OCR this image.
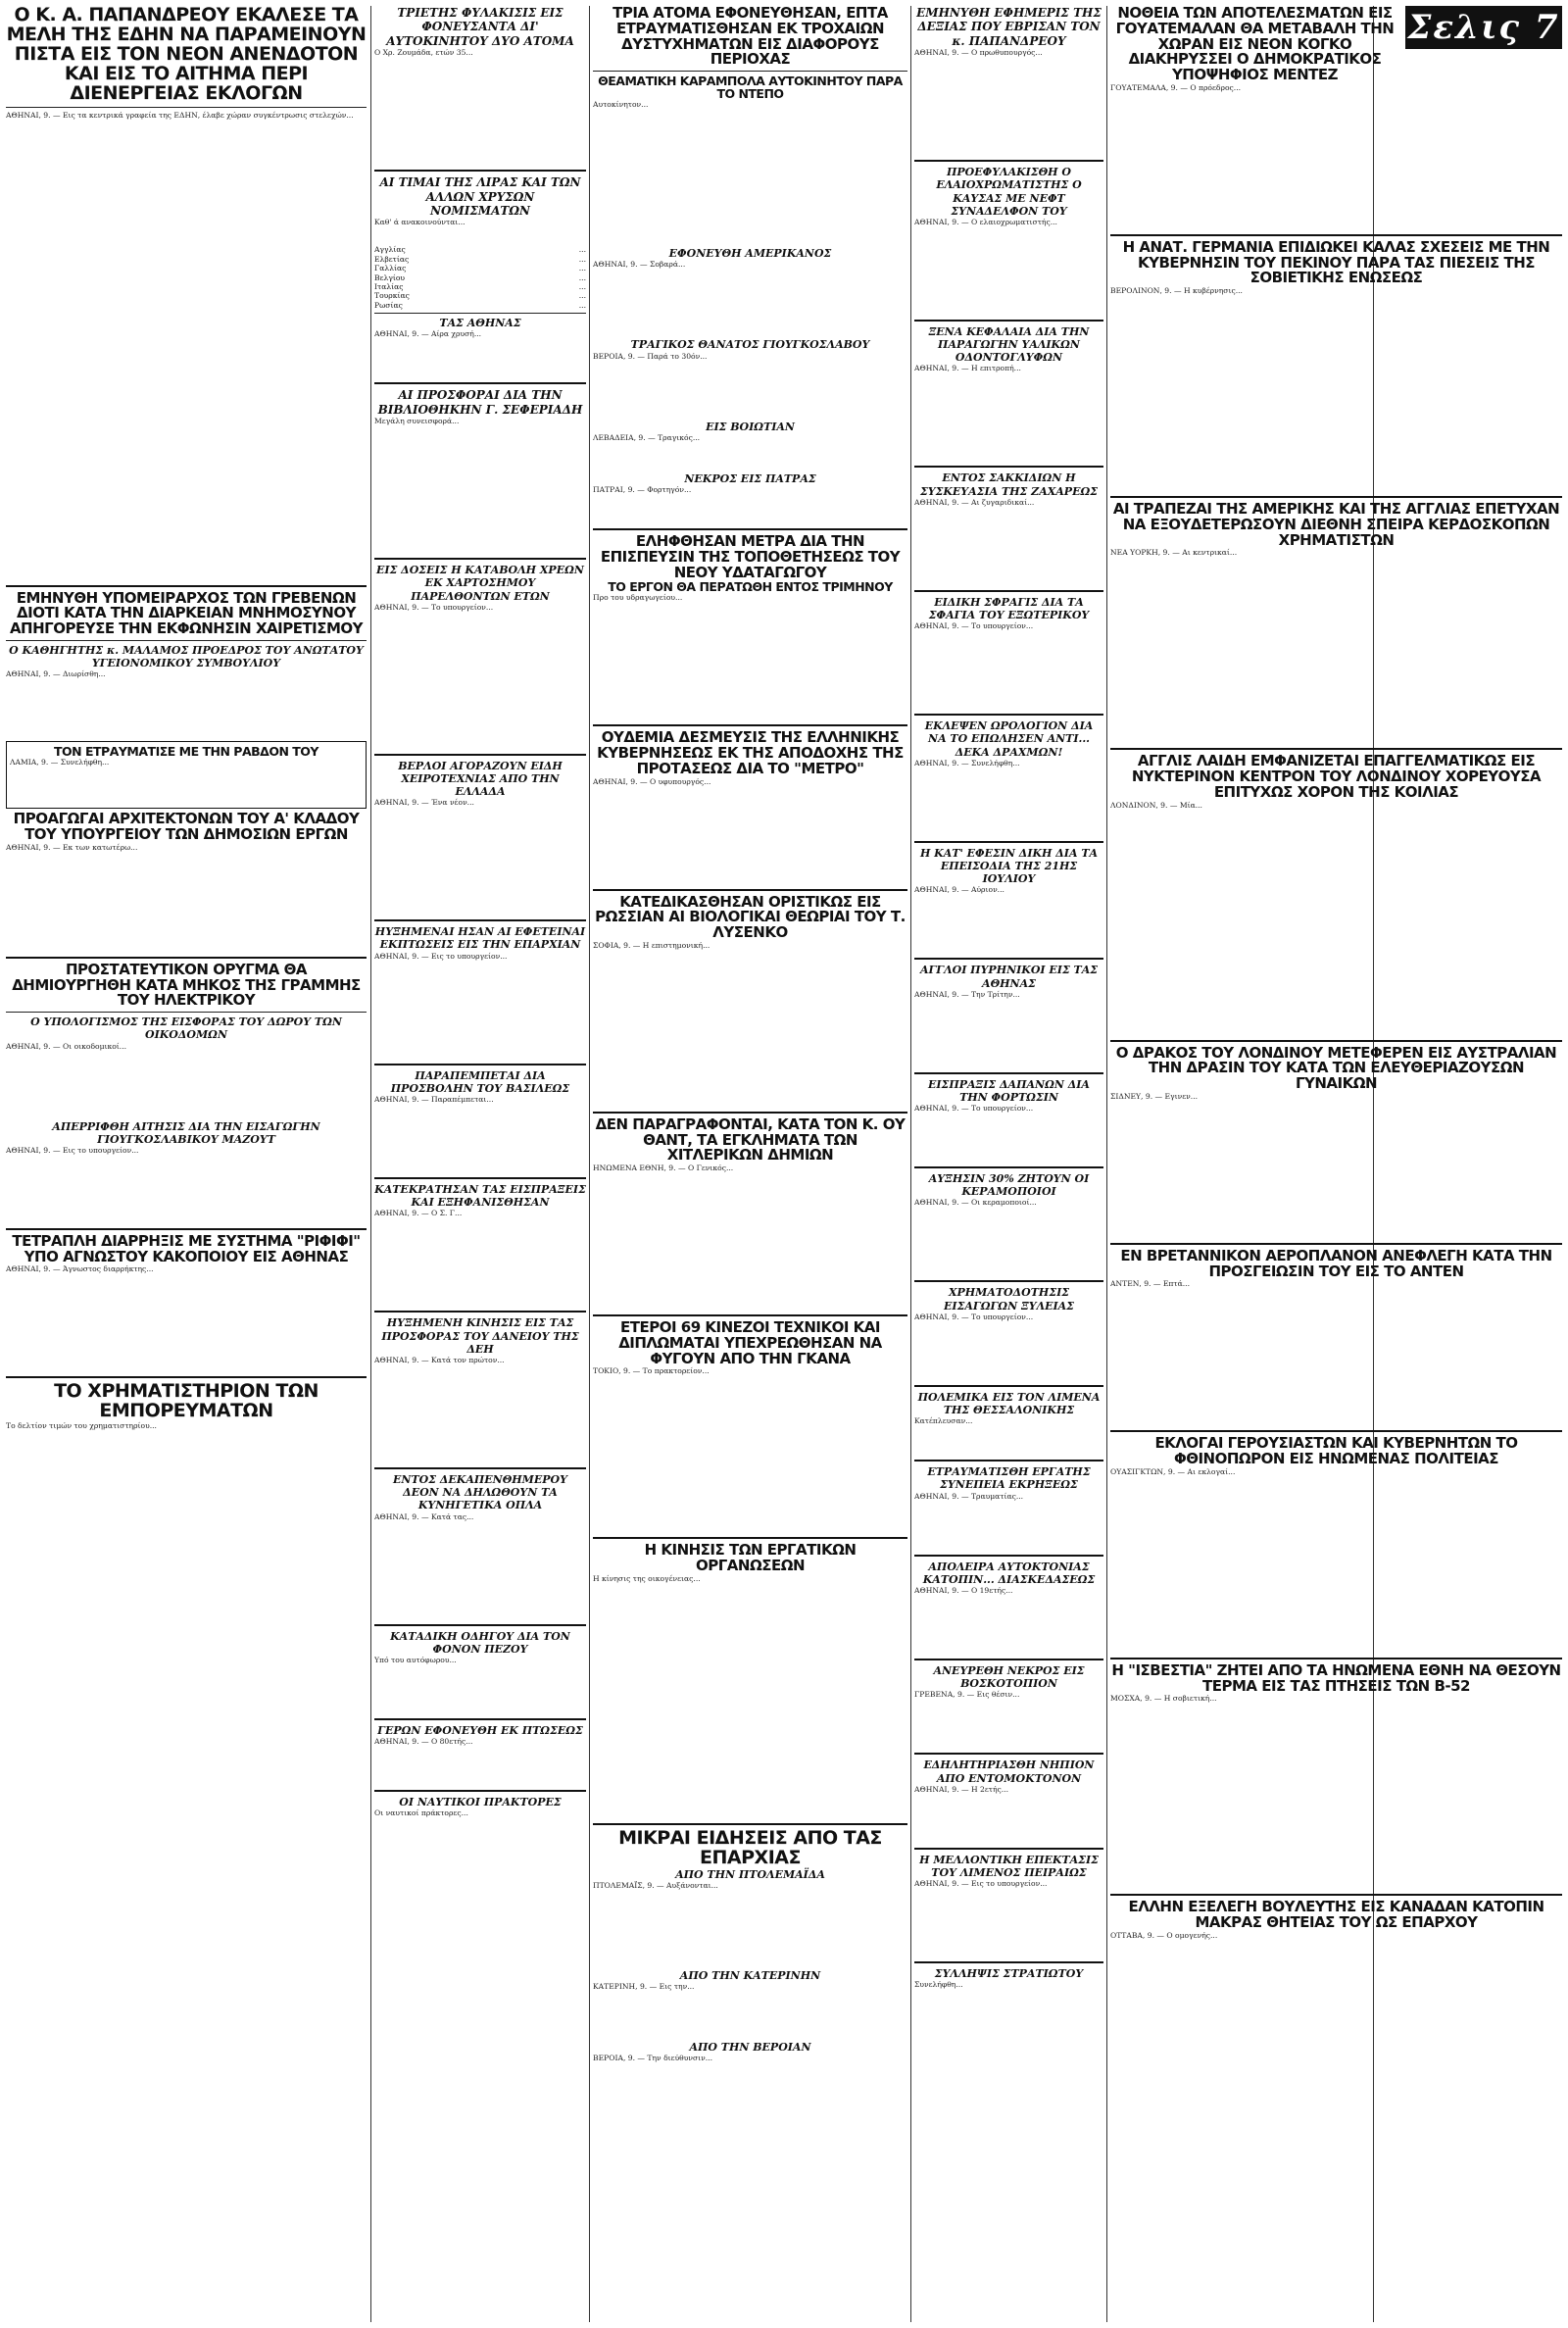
Ο Κ. Α. ΠΑΠΑΝΔΡΕΟΥ ΕΚΑΛΕΣΕ ΤΑ ΜΕΛΗ ΤΗΣ ΕΔΗΝ ΝΑ ΠΑΡΑΜΕΙΝΟΥΝ ΠΙΣΤΑ ΕΙΣ ΤΟΝ ΝΕΟΝ ΑΝΕΝΔΟΤΟΝ ΚΑΙ ΕΙΣ ΤΟ ΑΙΤΗΜΑ ΠΕΡΙ ΔΙΕΝΕΡΓΕΙΑΣ ΕΚΛΟΓΩΝ
ΑΘΗΝΑΙ, 9. — Εις τα κεντρικά γραφεία της ΕΔΗΝ, έλαβε χώραν συγκέντρωσις στελεχών...
ΕΜΗΝΥΘΗ ΥΠΟΜΕΙΡΑΡΧΟΣ ΤΩΝ ΓΡΕΒΕΝΩΝ ΔΙΟΤΙ ΚΑΤΑ ΤΗΝ ΔΙΑΡΚΕΙΑΝ ΜΝΗΜΟΣΥΝΟΥ ΑΠΗΓΟΡΕΥΣΕ ΤΗΝ ΕΚΦΩΝΗΣΙΝ ΧΑΙΡΕΤΙΣΜΟΥ
Ο ΚΑΘΗΓΗΤΗΣ κ. ΜΑΛΑΜΟΣ ΠΡΟΕΔΡΟΣ ΤΟΥ ΑΝΩΤΑΤΟΥ ΥΓΕΙΟΝΟΜΙΚΟΥ ΣΥΜΒΟΥΛΙΟΥ
ΑΘΗΝΑΙ, 9. — Διωρίσθη...
ΤΟΝ ΕΤΡΑΥΜΑΤΙΣΕ ΜΕ ΤΗΝ ΡΑΒΔΟΝ ΤΟΥ
ΛΑΜΙΑ, 9. — Συνελήφθη...
ΠΡΟΑΓΩΓΑΙ ΑΡΧΙΤΕΚΤΟΝΩΝ ΤΟΥ Α' ΚΛΑΔΟΥ ΤΟΥ ΥΠΟΥΡΓΕΙΟΥ ΤΩΝ ΔΗΜΟΣΙΩΝ ΕΡΓΩΝ
ΑΘΗΝΑΙ, 9. — Εκ των κατωτέρω...
ΠΡΟΣΤΑΤΕΥΤΙΚΟΝ ΟΡΥΓΜΑ ΘΑ ΔΗΜΙΟΥΡΓΗΘΗ ΚΑΤΑ ΜΗΚΟΣ ΤΗΣ ΓΡΑΜΜΗΣ ΤΟΥ ΗΛΕΚΤΡΙΚΟΥ
Ο ΥΠΟΛΟΓΙΣΜΟΣ ΤΗΣ ΕΙΣΦΟΡΑΣ ΤΟΥ ΔΩΡΟΥ ΤΩΝ ΟΙΚΟΔΟΜΩΝ
ΑΘΗΝΑΙ, 9. — Οι οικοδομικοί...
ΑΠΕΡΡΙΦΘΗ ΑΙΤΗΣΙΣ ΔΙΑ ΤΗΝ ΕΙΣΑΓΩΓΗΝ ΓΙΟΥΓΚΟΣΛΑΒΙΚΟΥ ΜΑΖΟΥΤ
ΑΘΗΝΑΙ, 9. — Εις το υπουργείον...
ΤΕΤΡΑΠΛΗ ΔΙΑΡΡΗΞΙΣ ΜΕ ΣΥΣΤΗΜΑ "ΡΙΦΙΦΙ" ΥΠΟ ΑΓΝΩΣΤΟΥ ΚΑΚΟΠΟΙΟΥ ΕΙΣ ΑΘΗΝΑΣ
ΑΘΗΝΑΙ, 9. — Άγνωστος διαρρήκτης...
ΤΟ ΧΡΗΜΑΤΙΣΤΗΡΙΟΝ ΤΩΝ ΕΜΠΟΡΕΥΜΑΤΩΝ
Το δελτίον τιμών του χρηματιστηρίου...
ΤΡΙΕΤΗΣ ΦΥΛΑΚΙΣΙΣ ΕΙΣ ΦΟΝΕΥΣΑΝΤΑ ΔΙ' ΑΥΤΟΚΙΝΗΤΟΥ ΔΥΟ ΑΤΟΜΑ
Ο Χρ. Ζουμάδα, ετών 35...
ΑΙ ΤΙΜΑΙ ΤΗΣ ΛΙΡΑΣ ΚΑΙ ΤΩΝ ΑΛΛΩΝ ΧΡΥΣΩΝ ΝΟΜΙΣΜΑΤΩΝ
Καθ' ά ανακοινούνται...
Αγγλίας	...
Ελβετίας	...
Γαλλίας	...
Βελγίου	...
Ιταλίας	...
Τουρκίας	...
Ρωσίας	...
ΤΑΣ ΑΘΗΝΑΣ
ΑΘΗΝΑΙ, 9. — Αίρα χρυσή...
ΑΙ ΠΡΟΣΦΟΡΑΙ ΔΙΑ ΤΗΝ ΒΙΒΛΙΟΘΗΚΗΝ Γ. ΣΕΦΕΡΙΑΔΗ
Μεγάλη συνεισφορά...
ΕΙΣ ΔΟΣΕΙΣ Η ΚΑΤΑΒΟΛΗ ΧΡΕΩΝ ΕΚ ΧΑΡΤΟΣΗΜΟΥ ΠΑΡΕΛΘΟΝΤΩΝ ΕΤΩΝ
ΑΘΗΝΑΙ, 9. — Το υπουργείον...
ΒΕΡΛΟΙ ΑΓΟΡΑΖΟΥΝ ΕΙΔΗ ΧΕΙΡΟΤΕΧΝΙΑΣ ΑΠΟ ΤΗΝ ΕΛΛΑΔΑ
ΑΘΗΝΑΙ, 9. — Ένα νέον...
ΗΥΞΗΜΕΝΑΙ ΗΣΑΝ ΑΙ ΕΦΕΤΕΙΝΑΙ ΕΚΠΤΩΣΕΙΣ ΕΙΣ ΤΗΝ ΕΠΑΡΧΙΑΝ
ΑΘΗΝΑΙ, 9. — Εις το υπουργείον...
ΠΑΡΑΠΕΜΠΕΤΑΙ ΔΙΑ ΠΡΟΣΒΟΛΗΝ ΤΟΥ ΒΑΣΙΛΕΩΣ
ΑΘΗΝΑΙ, 9. — Παραπέμπεται...
ΚΑΤΕΚΡΑΤΗΣΑΝ ΤΑΣ ΕΙΣΠΡΑΞΕΙΣ ΚΑΙ ΕΞΗΦΑΝΙΣΘΗΣΑΝ
ΑΘΗΝΑΙ, 9. — Ο Σ. Γ...
ΗΥΞΗΜΕΝΗ ΚΙΝΗΣΙΣ ΕΙΣ ΤΑΣ ΠΡΟΣΦΟΡΑΣ ΤΟΥ ΔΑΝΕΙΟΥ ΤΗΣ ΔΕΗ
ΑΘΗΝΑΙ, 9. — Κατά τον πρώτον...
ΕΝΤΟΣ ΔΕΚΑΠΕΝΘΗΜΕΡΟΥ ΔΕΟΝ ΝΑ ΔΗΛΩΘΟΥΝ ΤΑ ΚΥΝΗΓΕΤΙΚΑ ΟΠΛΑ
ΑΘΗΝΑΙ, 9. — Κατά τας...
ΚΑΤΑΔΙΚΗ ΟΔΗΓΟΥ ΔΙΑ ΤΟΝ ΦΟΝΟΝ ΠΕΖΟΥ
Υπό του αυτόφωρου...
ΓΕΡΩΝ ΕΦΟΝΕΥΘΗ ΕΚ ΠΤΩΣΕΩΣ
ΑΘΗΝΑΙ, 9. — Ο 80ετής...
ΟΙ ΝΑΥΤΙΚΟΙ ΠΡΑΚΤΟΡΕΣ
Οι ναυτικοί πράκτορες...
ΤΡΙΑ ΑΤΟΜΑ ΕΦΟΝΕΥΘΗΣΑΝ, ΕΠΤΑ ΕΤΡΑΥΜΑΤΙΣΘΗΣΑΝ ΕΚ ΤΡΟΧΑΙΩΝ ΔΥΣΤΥΧΗΜΑΤΩΝ ΕΙΣ ΔΙΑΦΟΡΟΥΣ ΠΕΡΙΟΧΑΣ
ΘΕΑΜΑΤΙΚΗ ΚΑΡΑΜΠΟΛΑ ΑΥΤΟΚΙΝΗΤΟΥ ΠΑΡΑ ΤΟ ΝΤΕΠΟ
Αυτοκίνητον...
ΕΦΟΝΕΥΘΗ ΑΜΕΡΙΚΑΝΟΣ
ΑΘΗΝΑΙ, 9. — Σοβαρά...
ΤΡΑΓΙΚΟΣ ΘΑΝΑΤΟΣ ΓΙΟΥΓΚΟΣΛΑΒΟΥ
ΒΕΡΟΙΑ, 9. — Παρά το 30όν...
ΕΙΣ ΒΟΙΩΤΙΑΝ
ΛΕΒΑΔΕΙΑ, 9. — Τραγικός...
ΝΕΚΡΟΣ ΕΙΣ ΠΑΤΡΑΣ
ΠΑΤΡΑΙ, 9. — Φορτηγόν...
ΕΛΗΦΘΗΣΑΝ ΜΕΤΡΑ ΔΙΑ ΤΗΝ ΕΠΙΣΠΕΥΣΙΝ ΤΗΣ ΤΟΠΟΘΕΤΗΣΕΩΣ ΤΟΥ ΝΕΟΥ ΥΔΑΤΑΓΩΓΟΥ
ΤΟ ΕΡΓΟΝ ΘΑ ΠΕΡΑΤΩΘΗ ΕΝΤΟΣ ΤΡΙΜΗΝΟΥ
Προ του υδραγωγείου...
ΟΥΔΕΜΙΑ ΔΕΣΜΕΥΣΙΣ ΤΗΣ ΕΛΛΗΝΙΚΗΣ ΚΥΒΕΡΝΗΣΕΩΣ ΕΚ ΤΗΣ ΑΠΟΔΟΧΗΣ ΤΗΣ ΠΡΟΤΑΣΕΩΣ ΔΙΑ ΤΟ "ΜΕΤΡΟ"
ΑΘΗΝΑΙ, 9. — Ο υφυπουργός...
ΚΑΤΕΔΙΚΑΣΘΗΣΑΝ ΟΡΙΣΤΙΚΩΣ ΕΙΣ ΡΩΣΣΙΑΝ ΑΙ ΒΙΟΛΟΓΙΚΑΙ ΘΕΩΡΙΑΙ ΤΟΥ Τ. ΛΥΣΕΝΚΟ
ΣΟΦΙΑ, 9. — Η επιστημονική...
ΔΕΝ ΠΑΡΑΓΡΑΦΟΝΤΑΙ, ΚΑΤΑ ΤΟΝ Κ. ΟΥ ΘΑΝΤ, ΤΑ ΕΓΚΛΗΜΑΤΑ ΤΩΝ ΧΙΤΛΕΡΙΚΩΝ ΔΗΜΙΩΝ
ΗΝΩΜΕΝΑ ΕΘΝΗ, 9. — Ο Γενικός...
ΕΤΕΡΟΙ 69 ΚΙΝΕΖΟΙ ΤΕΧΝΙΚΟΙ ΚΑΙ ΔΙΠΛΩΜΑΤΑΙ ΥΠΕΧΡΕΩΘΗΣΑΝ ΝΑ ΦΥΓΟΥΝ ΑΠΟ ΤΗΝ ΓΚΑΝΑ
ΤΟΚΙΟ, 9. — Το πρακτορείον...
Η ΚΙΝΗΣΙΣ ΤΩΝ ΕΡΓΑΤΙΚΩΝ ΟΡΓΑΝΩΣΕΩΝ
Η κίνησις της οικογένειας...
ΜΙΚΡΑΙ ΕΙΔΗΣΕΙΣ ΑΠΟ ΤΑΣ ΕΠΑΡΧΙΑΣ
ΑΠΟ ΤΗΝ ΠΤΟΛΕΜΑΪΔΑ
ΠΤΟΛΕΜΑΪΣ, 9. — Αυξάνονται...
ΑΠΟ ΤΗΝ ΚΑΤΕΡΙΝΗΝ
ΚΑΤΕΡΙΝΗ, 9. — Εις την...
ΑΠΟ ΤΗΝ ΒΕΡΟΙΑΝ
ΒΕΡΟΙΑ, 9. — Την διεύθυνσιν...
ΕΜΗΝΥΘΗ ΕΦΗΜΕΡΙΣ ΤΗΣ ΔΕΞΙΑΣ ΠΟΥ ΕΒΡΙΣΑΝ ΤΟΝ κ. ΠΑΠΑΝΔΡΕΟΥ
ΑΘΗΝΑΙ, 9. — Ο πρωθυπουργός...
ΠΡΟΕΦΥΛΑΚΙΣΘΗ Ο ΕΛΑΙΟΧΡΩΜΑΤΙΣΤΗΣ Ο ΚΑΥΣΑΣ ΜΕ ΝΕΦΤ ΣΥΝΑΔΕΛΦΟΝ ΤΟΥ
ΑΘΗΝΑΙ, 9. — Ο ελαιοχρωματιστής...
ΞΕΝΑ ΚΕΦΑΛΑΙΑ ΔΙΑ ΤΗΝ ΠΑΡΑΓΩΓΗΝ ΥΑΛΙΚΩΝ ΟΔΟΝΤΟΓΛΥΦΩΝ
ΑΘΗΝΑΙ, 9. — Η επιτροπή...
ΕΝΤΟΣ ΣΑΚΚΙΔΙΩΝ Η ΣΥΣΚΕΥΑΣΙΑ ΤΗΣ ΖΑΧΑΡΕΩΣ
ΑΘΗΝΑΙ, 9. — Αι ζυγαριδικαί...
ΕΙΔΙΚΗ ΣΦΡΑΓΙΣ ΔΙΑ ΤΑ ΣΦΑΓΙΑ ΤΟΥ ΕΞΩΤΕΡΙΚΟΥ
ΑΘΗΝΑΙ, 9. — Το υπουργείον...
ΕΚΛΕΨΕΝ ΩΡΟΛΟΓΙΟΝ ΔΙΑ ΝΑ ΤΟ ΕΠΩΛΗΣΕΝ ΑΝΤΙ... ΔΕΚΑ ΔΡΑΧΜΩΝ!
ΑΘΗΝΑΙ, 9. — Συνελήφθη...
Η ΚΑΤ' ΕΦΕΣΙΝ ΔΙΚΗ ΔΙΑ ΤΑ ΕΠΕΙΣΟΔΙΑ ΤΗΣ 21ΗΣ ΙΟΥΛΙΟΥ
ΑΘΗΝΑΙ, 9. — Αύριον...
ΑΓΓΛΟΙ ΠΥΡΗΝΙΚΟΙ ΕΙΣ ΤΑΣ ΑΘΗΝΑΣ
ΑΘΗΝΑΙ, 9. — Την Τρίτην...
ΕΙΣΠΡΑΞΙΣ ΔΑΠΑΝΩΝ ΔΙΑ ΤΗΝ ΦΟΡΤΩΣΙΝ
ΑΘΗΝΑΙ, 9. — Το υπουργείον...
ΑΥΞΗΣΙΝ 30% ΖΗΤΟΥΝ ΟΙ ΚΕΡΑΜΟΠΟΙΟΙ
ΑΘΗΝΑΙ, 9. — Οι κεραμοποιοί...
ΧΡΗΜΑΤΟΔΟΤΗΣΙΣ ΕΙΣΑΓΩΓΩΝ ΞΥΛΕΙΑΣ
ΑΘΗΝΑΙ, 9. — Το υπουργείον...
ΠΟΛΕΜΙΚΑ ΕΙΣ ΤΟΝ ΛΙΜΕΝΑ ΤΗΣ ΘΕΣΣΑΛΟΝΙΚΗΣ
Κατέπλευσαν...
ΕΤΡΑΥΜΑΤΙΣΘΗ ΕΡΓΑΤΗΣ ΣΥΝΕΠΕΙΑ ΕΚΡΗΞΕΩΣ
ΑΘΗΝΑΙ, 9. — Τραυματίας...
ΑΠΟΛΕΙΡΑ ΑΥΤΟΚΤΟΝΙΑΣ ΚΑΤΟΠΙΝ... ΔΙΑΣΚΕΔΑΣΕΩΣ
ΑΘΗΝΑΙ, 9. — Ο 19ετής...
ΑΝΕΥΡΕΘΗ ΝΕΚΡΟΣ ΕΙΣ ΒΟΣΚΟΤΟΠΙΟΝ
ΓΡΕΒΕΝΑ, 9. — Εις θέσιν...
ΕΔΗΛΗΤΗΡΙΑΣΘΗ ΝΗΠΙΟΝ ΑΠΟ ΕΝΤΟΜΟΚΤΟΝΟΝ
ΑΘΗΝΑΙ, 9. — Η 2ετής...
Η ΜΕΛΛΟΝΤΙΚΗ ΕΠΕΚΤΑΣΙΣ ΤΟΥ ΛΙΜΕΝΟΣ ΠΕΙΡΑΙΩΣ
ΑΘΗΝΑΙ, 9. — Εις το υπουργείον...
ΣΥΛΛΗΨΙΣ ΣΤΡΑΤΙΩΤΟΥ
Συνελήφθη...
ΝΟΘΕΙΑ ΤΩΝ ΑΠΟΤΕΛΕΣΜΑΤΩΝ ΕΙΣ ΓΟΥΑΤΕΜΑΛΑΝ ΘΑ ΜΕΤΑΒΑΛΗ ΤΗΝ ΧΩΡΑΝ ΕΙΣ ΝΕΟΝ ΚΟΓΚΟ ΔΙΑΚΗΡΥΣΣΕΙ Ο ΔΗΜΟΚΡΑΤΙΚΟΣ ΥΠΟΨΗΦΙΟΣ ΜΕΝΤΕΖ
Σελις 7
ΓΟΥΑΤΕΜΑΛΑ, 9. — Ο πρόεδρος...
Η ΑΝΑΤ. ΓΕΡΜΑΝΙΑ ΕΠΙΔΙΩΚΕΙ ΚΑΛΑΣ ΣΧΕΣΕΙΣ ΜΕ ΤΗΝ ΚΥΒΕΡΝΗΣΙΝ ΤΟΥ ΠΕΚΙΝΟΥ ΠΑΡΑ ΤΑΣ ΠΙΕΣΕΙΣ ΤΗΣ ΣΟΒΙΕΤΙΚΗΣ ΕΝΩΣΕΩΣ
ΒΕΡΟΛΙΝΟΝ, 9. — Η κυβέρνησις...
ΑΙ ΤΡΑΠΕΖΑΙ ΤΗΣ ΑΜΕΡΙΚΗΣ ΚΑΙ ΤΗΣ ΑΓΓΛΙΑΣ ΕΠΕΤΥΧΑΝ ΝΑ ΕΞΟΥΔΕΤΕΡΩΣΟΥΝ ΔΙΕΘΝΗ ΣΠΕΙΡΑ ΚΕΡΔΟΣΚΟΠΩΝ ΧΡΗΜΑΤΙΣΤΩΝ
ΝΕΑ ΥΟΡΚΗ, 9. — Αι κεντρικαί...
ΑΓΓΛΙΣ ΛΑΙΔΗ ΕΜΦΑΝΙΖΕΤΑΙ ΕΠΑΓΓΕΛΜΑΤΙΚΩΣ ΕΙΣ ΝΥΚΤΕΡΙΝΟΝ ΚΕΝΤΡΟΝ ΤΟΥ ΛΟΝΔΙΝΟΥ ΧΟΡΕΥΟΥΣΑ ΕΠΙΤΥΧΩΣ ΧΟΡΟΝ ΤΗΣ ΚΟΙΛΙΑΣ
ΛΟΝΔΙΝΟΝ, 9. — Μία...
Ο ΔΡΑΚΟΣ ΤΟΥ ΛΟΝΔΙΝΟΥ ΜΕΤΕΦΕΡΕΝ ΕΙΣ ΑΥΣΤΡΑΛΙΑΝ ΤΗΝ ΔΡΑΣΙΝ ΤΟΥ ΚΑΤΑ ΤΩΝ ΕΛΕΥΘΕΡΙΑΖΟΥΣΩΝ ΓΥΝΑΙΚΩΝ
ΣΙΔΝΕΥ, 9. — Εγινεν...
ΕΝ ΒΡΕΤΑΝΝΙΚΟΝ ΑΕΡΟΠΛΑΝΟΝ ΑΝΕΦΛΕΓΗ ΚΑΤΑ ΤΗΝ ΠΡΟΣΓΕΙΩΣΙΝ ΤΟΥ ΕΙΣ ΤΟ ΑΝΤΕΝ
ΑΝΤΕΝ, 9. — Επτά...
ΕΚΛΟΓΑΙ ΓΕΡΟΥΣΙΑΣΤΩΝ ΚΑΙ ΚΥΒΕΡΝΗΤΩΝ ΤΟ ΦΘΙΝΟΠΩΡΟΝ ΕΙΣ ΗΝΩΜΕΝΑΣ ΠΟΛΙΤΕΙΑΣ
ΟΥΑΣΙΓΚΤΩΝ, 9. — Αι εκλογαί...
Η "ΙΣΒΕΣΤΙΑ" ΖΗΤΕΙ ΑΠΟ ΤΑ ΗΝΩΜΕΝΑ ΕΘΝΗ ΝΑ ΘΕΣΟΥΝ ΤΕΡΜΑ ΕΙΣ ΤΑΣ ΠΤΗΣΕΙΣ ΤΩΝ Β-52
ΜΟΣΧΑ, 9. — Η σοβιετική...
ΕΛΛΗΝ ΕΞΕΛΕΓΗ ΒΟΥΛΕΥΤΗΣ ΕΙΣ ΚΑΝΑΔΑΝ ΚΑΤΟΠΙΝ ΜΑΚΡΑΣ ΘΗΤΕΙΑΣ ΤΟΥ ΩΣ ΕΠΑΡΧΟΥ
ΟΤΤΑΒΑ, 9. — Ο ομογενής...
